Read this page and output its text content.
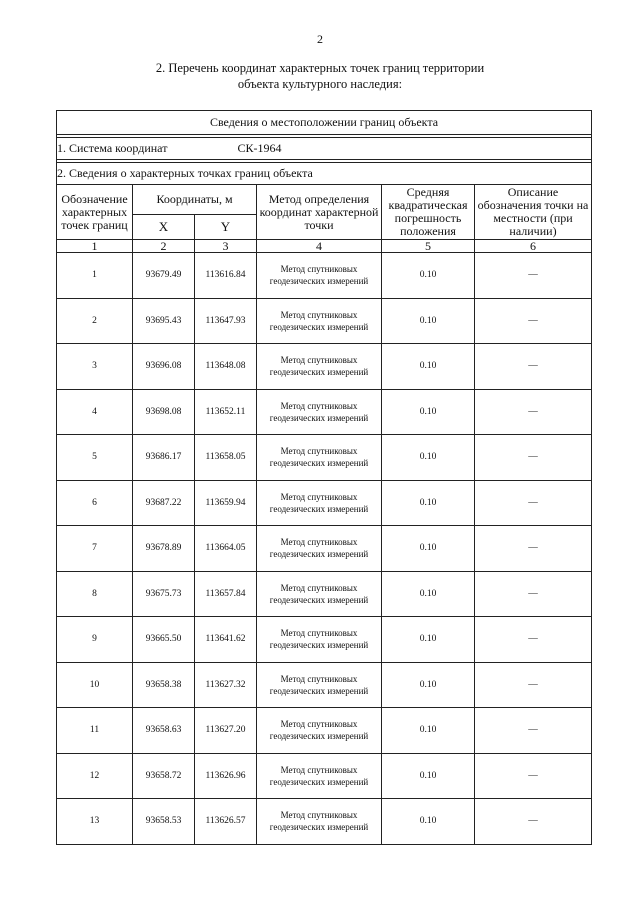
2
2. Перечень координат характерных точек границ территории
объекта культурного наследия:
Сведения о местоположении границ объекта					

1. Система координат СК-1964					

2. Сведения о характерных точках границ объекта					
Обозначение характерных точек границ	Координаты, м		Метод определения координат характерной точки	Средняя квадратическая погрешность положения	Описание обозначения точки на местности (при наличии)
	X	Y			
1	2	3	4	5	6
1	93679.49	113616.84	Метод спутниковых геодезических измерений	0.10	—
2	93695.43	113647.93	Метод спутниковых геодезических измерений	0.10	—
3	93696.08	113648.08	Метод спутниковых геодезических измерений	0.10	—
4	93698.08	113652.11	Метод спутниковых геодезических измерений	0.10	—
5	93686.17	113658.05	Метод спутниковых геодезических измерений	0.10	—
6	93687.22	113659.94	Метод спутниковых геодезических измерений	0.10	—
7	93678.89	113664.05	Метод спутниковых геодезических измерений	0.10	—
8	93675.73	113657.84	Метод спутниковых геодезических измерений	0.10	—
9	93665.50	113641.62	Метод спутниковых геодезических измерений	0.10	—
10	93658.38	113627.32	Метод спутниковых геодезических измерений	0.10	—
11	93658.63	113627.20	Метод спутниковых геодезических измерений	0.10	—
12	93658.72	113626.96	Метод спутниковых геодезических измерений	0.10	—
13	93658.53	113626.57	Метод спутниковых геодезических измерений	0.10	—
